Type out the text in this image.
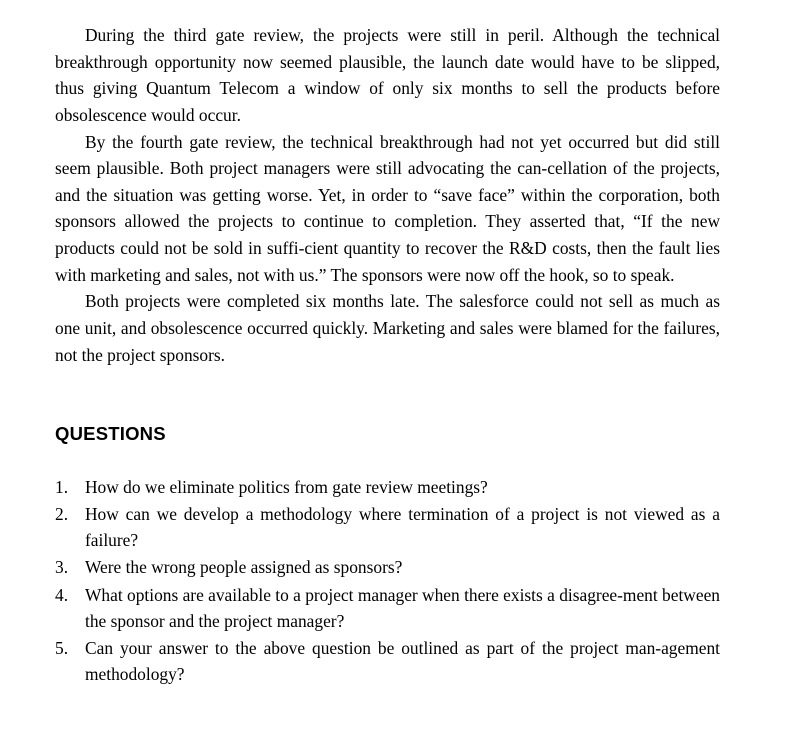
During the third gate review, the projects were still in peril. Although the technical breakthrough opportunity now seemed plausible, the launch date would have to be slipped, thus giving Quantum Telecom a window of only six months to sell the products before obsolescence would occur.

By the fourth gate review, the technical breakthrough had not yet occurred but did still seem plausible. Both project managers were still advocating the can-cellation of the projects, and the situation was getting worse. Yet, in order to “save face” within the corporation, both sponsors allowed the projects to continue to completion. They asserted that, “If the new products could not be sold in suffi-cient quantity to recover the R&D costs, then the fault lies with marketing and sales, not with us.” The sponsors were now off the hook, so to speak.

Both projects were completed six months late. The salesforce could not sell as much as one unit, and obsolescence occurred quickly. Marketing and sales were blamed for the failures, not the project sponsors.

QUESTIONS
1. How do we eliminate politics from gate review meetings?
2. How can we develop a methodology where termination of a project is not viewed as a failure?
3. Were the wrong people assigned as sponsors?
4. What options are available to a project manager when there exists a disagree-ment between the sponsor and the project manager?
5. Can your answer to the above question be outlined as part of the project man-agement methodology?
